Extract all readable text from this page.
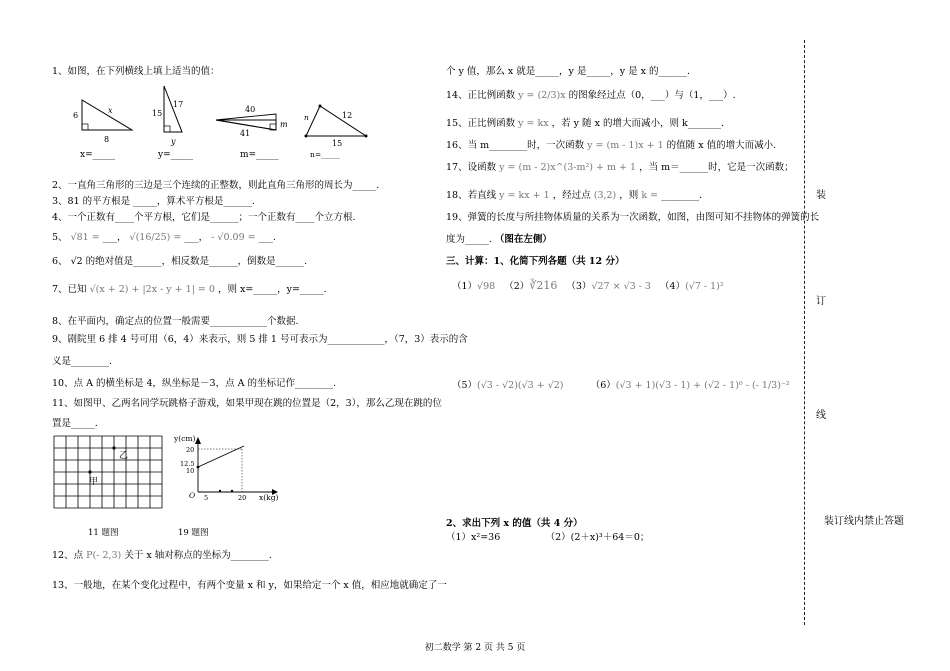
1、如图，在下列横线上填上适当的值：
6
8
x
17
15
y
40
41
m
n	12
15
x=_____	y=_____	m=_____	n=_____
2、一直角三角形的三边是三个连续的正整数，则此直角三角形的周长为_____.
3、81 的平方根是 _____，算术平方根是______.
4、一个正数有____个平方根，它们是______；一个正数有____个立方根.
5、 √81 = ___， √(16/25) = ___， - √0.09 = ___.
6、 √2 的绝对值是______，相反数是______，倒数是______.
7、已知 √(x + 2) + |2x - y + 1| = 0 ，则 x=_____，y=_____.
8、在平面内，确定点的位置一般需要____________个数据.
9、剧院里 6 排 4 号可用（6，4）来表示，则 5 排 1 号可表示为____________，（7，3）表示的含
义是________.
10、点 A 的横坐标是 4，纵坐标是－3，点 A 的坐标记作________.
11、如图甲、乙两名同学玩跳格子游戏，如果甲现在跳的位置是（2，3），那么乙现在跳的位
置是_____.
甲
乙
y(cm)
x(kg)
O
20
12.5
10
5	20
11 题图	19 题图
12、点 P(- 2,3) 关于 x 轴对称点的坐标为________.
13、一般地，在某个变化过程中，有两个变量 x 和 y，如果给定一个 x 值，相应地就确定了一
个 y 值，那么 x 就是_____，y 是_____，y 是 x 的______.
14、正比例函数 y = (2/3)x 的图象经过点（0，___）与（1，___）.
15、正比例函数 y = kx ，若 y 随 x 的增大而减小，则 k_______.
16、当 m________时，一次函数 y = (m - 1)x + 1 的值随 x 值的增大而减小.
17、设函数 y = (m - 2)x^(3-m²) + m + 1 ，当 m＝______时，它是一次函数；
18、若直线 y = kx + 1 ，经过点 (3,2) ，则 k = ________.
19、弹簧的长度与所挂物体质量的关系为一次函数，如图，由图可知不挂物体的弹簧的长
度为_____. （图在左侧）
三、计算：1、化简下列各题（共 12 分）
（1）√98 （2）∛216 （3）√27 × √3 - 3 （4）(√7 - 1)²
（5）(√3 - √2)(√3 + √2)	（6）(√3 + 1)(√3 - 1) + (√2 - 1)⁰ - (- 1/3)⁻²
2、求出下列 x 的值（共 4 分）
（1）x²=36	（2）(2＋x)³＋64＝0；
装
订
线
装订线内禁止答题
初二数学 第 2 页 共 5 页
